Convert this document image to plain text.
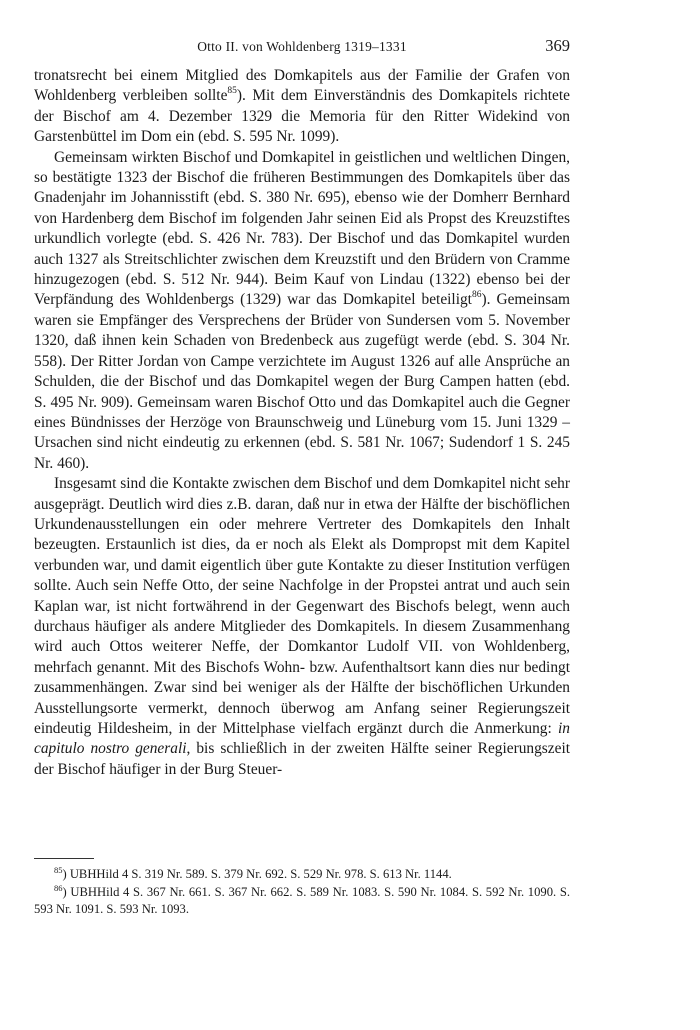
Otto II. von Wohldenberg 1319–1331	369

tronatsrecht bei einem Mitglied des Domkapitels aus der Familie der Grafen von Wohldenberg verbleiben sollte$^{85}$). Mit dem Einverständnis des Domkapitels richtete der Bischof am 4. Dezember 1329 die Memoria für den Ritter Widekind von Garstenbüttel im Dom ein (ebd. S. 595 Nr. 1099).

Gemeinsam wirkten Bischof und Domkapitel in geistlichen und weltlichen Dingen, so bestätigte 1323 der Bischof die früheren Bestimmungen des Domkapitels über das Gnadenjahr im Johannisstift (ebd. S. 380 Nr. 695), ebenso wie der Domherr Bernhard von Hardenberg dem Bischof im folgenden Jahr seinen Eid als Propst des Kreuzstiftes urkundlich vorlegte (ebd. S. 426 Nr. 783). Der Bischof und das Domkapitel wurden auch 1327 als Streitschlichter zwischen dem Kreuzstift und den Brüdern von Cramme hinzugezogen (ebd. S. 512 Nr. 944). Beim Kauf von Lindau (1322) ebenso bei der Verpfändung des Wohldenbergs (1329) war das Domkapitel beteiligt$^{86}$). Gemeinsam waren sie Empfänger des Versprechens der Brüder von Sundersen vom 5. November 1320, daß ihnen kein Schaden von Bredenbeck aus zugefügt werde (ebd. S. 304 Nr. 558). Der Ritter Jordan von Campe verzichtete im August 1326 auf alle Ansprüche an Schulden, die der Bischof und das Domkapitel wegen der Burg Campen hatten (ebd. S. 495 Nr. 909). Gemeinsam waren Bischof Otto und das Domkapitel auch die Gegner eines Bündnisses der Herzöge von Braunschweig und Lüneburg vom 15. Juni 1329 – Ursachen sind nicht eindeutig zu erkennen (ebd. S. 581 Nr. 1067; Sudendorf 1 S. 245 Nr. 460).

Insgesamt sind die Kontakte zwischen dem Bischof und dem Domkapitel nicht sehr ausgeprägt. Deutlich wird dies z.B. daran, daß nur in etwa der Hälfte der bischöflichen Urkundenausstellungen ein oder mehrere Vertreter des Domkapitels den Inhalt bezeugten. Erstaunlich ist dies, da er noch als Elekt als Dompropst mit dem Kapitel verbunden war, und damit eigentlich über gute Kontakte zu dieser Institution verfügen sollte. Auch sein Neffe Otto, der seine Nachfolge in der Propstei antrat und auch sein Kaplan war, ist nicht fortwährend in der Gegenwart des Bischofs belegt, wenn auch durchaus häufiger als andere Mitglieder des Domkapitels. In diesem Zusammenhang wird auch Ottos weiterer Neffe, der Domkantor Ludolf VII. von Wohldenberg, mehrfach genannt. Mit des Bischofs Wohn- bzw. Aufenthaltsort kann dies nur bedingt zusammenhängen. Zwar sind bei weniger als der Hälfte der bischöflichen Urkunden Ausstellungsorte vermerkt, dennoch überwog am Anfang seiner Regierungszeit eindeutig Hildesheim, in der Mittelphase vielfach ergänzt durch die Anmerkung: in capitulo nostro generali, bis schließlich in der zweiten Hälfte seiner Regierungszeit der Bischof häufiger in der Burg Steuer-

$^{85}$) UBHHild 4 S. 319 Nr. 589. S. 379 Nr. 692. S. 529 Nr. 978. S. 613 Nr. 1144.

$^{86}$) UBHHild 4 S. 367 Nr. 661. S. 367 Nr. 662. S. 589 Nr. 1083. S. 590 Nr. 1084. S. 592 Nr. 1090. S. 593 Nr. 1091. S. 593 Nr. 1093.
